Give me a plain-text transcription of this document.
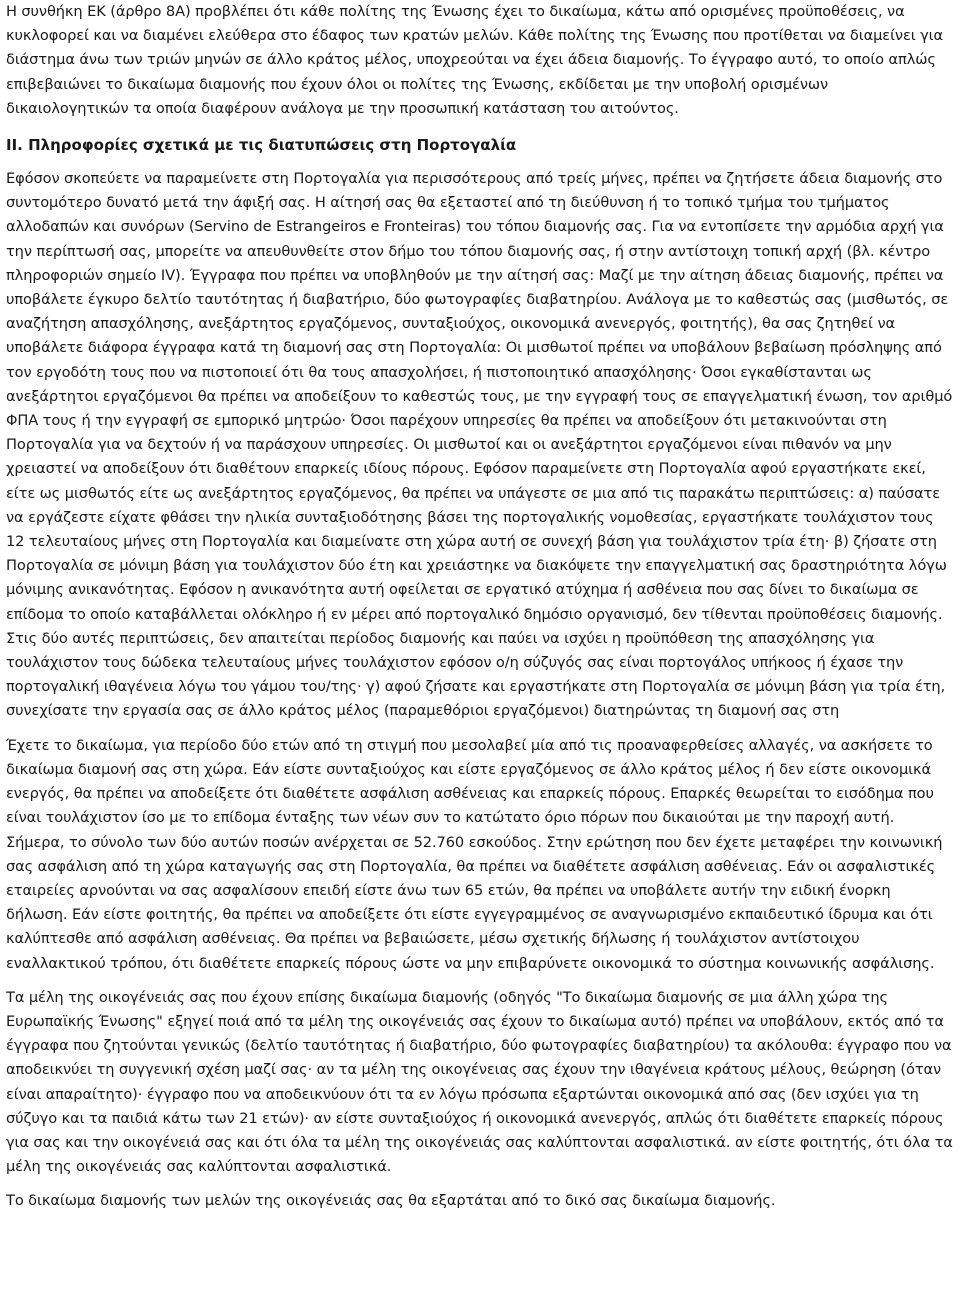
Η συνθήκη ΕΚ (άρθρο 8Α) προβλέπει ότι κάθε πολίτης της Ένωσης έχει το δικαίωμα, κάτω από ορισμένες προϋποθέσεις, να κυκλοφορεί και να διαμένει ελεύθερα στο έδαφος των κρατών μελών. Κάθε πολίτης της Ένωσης που προτίθεται να διαμείνει για διάστημα άνω των τριών μηνών σε άλλο κράτος μέλος, υποχρεούται να έχει άδεια διαμονής. Το έγγραφο αυτό, το οποίο απλώς επιβεβαιώνει το δικαίωμα διαμονής που έχουν όλοι οι πολίτες της Ένωσης, εκδίδεται με την υποβολή ορισμένων δικαιολογητικών τα οποία διαφέρουν ανάλογα με την προσωπική κατάσταση του αιτούντος.

II. Πληροφορίες σχετικά με τις διατυπώσεις στη Πορτογαλία

Εφόσον σκοπεύετε να παραμείνετε στη Πορτογαλία για περισσότερους από τρείς μήνες, πρέπει να ζητήσετε άδεια διαμονής στο συντομότερο δυνατό μετά την άφιξή σας. Η αίτησή σας θα εξεταστεί από τη διεύθυνση ή το τοπικό τμήμα του τμήματος αλλοδαπών και συνόρων (Servino de Estrangeiros e Fronteiras) του τόπου διαμονής σας. Για να εντοπίσετε την αρμόδια αρχή για την περίπτωσή σας, μπορείτε να απευθυνθείτε στον δήμο του τόπου διαμονής σας, ή στην αντίστοιχη τοπική αρχή (βλ. κέντρο πληροφοριών σημείο IV). Έγγραφα που πρέπει να υποβληθούν με την αίτησή σας: Μαζί με την αίτηση άδειας διαμονής, πρέπει να υποβάλετε έγκυρο δελτίο ταυτότητας ή διαβατήριο, δύο φωτογραφίες διαβατηρίου. Ανάλογα με το καθεστώς σας (μισθωτός, σε αναζήτηση απασχόλησης, ανεξάρτητος εργαζόμενος, συνταξιούχος, οικονομικά ανενεργός, φοιτητής), θα σας ζητηθεί να υποβάλετε διάφορα έγγραφα κατά τη διαμονή σας στη Πορτογαλία: Οι μισθωτοί πρέπει να υποβάλουν βεβαίωση πρόσληψης από τον εργοδότη τους που να πιστοποιεί ότι θα τους απασχολήσει, ή πιστοποιητικό απασχόλησης· Όσοι εγκαθίστανται ως ανεξάρτητοι εργαζόμενοι θα πρέπει να αποδείξουν το καθεστώς τους, με την εγγραφή τους σε επαγγελματική ένωση, τον αριθμό ΦΠΑ τους ή την εγγραφή σε εμπορικό μητρώο· Όσοι παρέχουν υπηρεσίες θα πρέπει να αποδείξουν ότι μετακινούνται στη Πορτογαλία για να δεχτούν ή να παράσχουν υπηρεσίες. Οι μισθωτοί και οι ανεξάρτητοι εργαζόμενοι είναι πιθανόν να μην χρειαστεί να αποδείξουν ότι διαθέτουν επαρκείς ιδίους πόρους. Εφόσον παραμείνετε στη Πορτογαλία αφού εργαστήκατε εκεί, είτε ως μισθωτός είτε ως ανεξάρτητος εργαζόμενος, θα πρέπει να υπάγεστε σε μια από τις παρακάτω περιπτώσεις: α) παύσατε να εργάζεστε είχατε φθάσει την ηλικία συνταξιοδότησης βάσει της πορτογαλικής νομοθεσίας, εργαστήκατε τουλάχιστον τους 12 τελευταίους μήνες στη Πορτογαλία και διαμείνατε στη χώρα αυτή σε συνεχή βάση για τουλάχιστον τρία έτη· β) ζήσατε στη Πορτογαλία σε μόνιμη βάση για τουλάχιστον δύο έτη και χρειάστηκε να διακόψετε την επαγγελματική σας δραστηριότητα λόγω μόνιμης ανικανότητας. Εφόσον η ανικανότητα αυτή οφείλεται σε εργατικό ατύχημα ή ασθένεια που σας δίνει το δικαίωμα σε επίδομα το οποίο καταβάλλεται ολόκληρο ή εν μέρει από πορτογαλικό δημόσιο οργανισμό, δεν τίθενται προϋποθέσεις διαμονής. Στις δύο αυτές περιπτώσεις, δεν απαιτείται περίοδος διαμονής και παύει να ισχύει η προϋπόθεση της απασχόλησης για τουλάχιστον τους δώδεκα τελευταίους μήνες τουλάχιστον εφόσον ο/η σύζυγός σας είναι πορτογάλος υπήκοος ή έχασε την πορτογαλική ιθαγένεια λόγω του γάμου του/της· γ) αφού ζήσατε και εργαστήκατε στη Πορτογαλία σε μόνιμη βάση για τρία έτη, συνεχίσατε την εργασία σας σε άλλο κράτος μέλος (παραμεθόριοι εργαζόμενοι) διατηρώντας τη διαμονή σας στη

Έχετε το δικαίωμα, για περίοδο δύο ετών από τη στιγμή που μεσολαβεί μία από τις προαναφερθείσες αλλαγές, να ασκήσετε το δικαίωμα διαμονή σας στη χώρα. Εάν είστε συνταξιούχος και είστε εργαζόμενος σε άλλο κράτος μέλος ή δεν είστε οικονομικά ενεργός, θα πρέπει να αποδείξετε ότι διαθέτετε ασφάλιση ασθένειας και επαρκείς πόρους. Επαρκές θεωρείται το εισόδημα που είναι τουλάχιστον ίσο με το επίδομα ένταξης των νέων συν το κατώτατο όριο πόρων που δικαιούται με την παροχή αυτή. Σήμερα, το σύνολο των δύο αυτών ποσών ανέρχεται σε 52.760 εσκούδος. Στην ερώτηση που δεν έχετε μεταφέρει την κοινωνική σας ασφάλιση από τη χώρα καταγωγής σας στη Πορτογαλία, θα πρέπει να διαθέτετε ασφάλιση ασθένειας. Εάν οι ασφαλιστικές εταιρείες αρνούνται να σας ασφαλίσουν επειδή είστε άνω των 65 ετών, θα πρέπει να υποβάλετε αυτήν την ειδική ένορκη δήλωση. Εάν είστε φοιτητής, θα πρέπει να αποδείξετε ότι είστε εγγεγραμμένος σε αναγνωρισμένο εκπαιδευτικό ίδρυμα και ότι καλύπτεσθε από ασφάλιση ασθένειας. Θα πρέπει να βεβαιώσετε, μέσω σχετικής δήλωσης ή τουλάχιστον αντίστοιχου εναλλακτικού τρόπου, ότι διαθέτετε επαρκείς πόρους ώστε να μην επιβαρύνετε οικονομικά το σύστημα κοινωνικής ασφάλισης.

Τα μέλη της οικογένειάς σας που έχουν επίσης δικαίωμα διαμονής (οδηγός "Το δικαίωμα διαμονής σε μια άλλη χώρα της Ευρωπαϊκής Ένωσης" εξηγεί ποιά από τα μέλη της οικογένειάς σας έχουν το δικαίωμα αυτό) πρέπει να υποβάλουν, εκτός από τα έγγραφα που ζητούνται γενικώς (δελτίο ταυτότητας ή διαβατήριο, δύο φωτογραφίες διαβατηρίου) τα ακόλουθα: έγγραφο που να αποδεικνύει τη συγγενική σχέση μαζί σας· αν τα μέλη της οικογένειας σας έχουν την ιθαγένεια κράτους μέλους, θεώρηση (όταν είναι απαραίτητο)· έγγραφο που να αποδεικνύουν ότι τα εν λόγω πρόσωπα εξαρτώνται οικονομικά από σας (δεν ισχύει για τη σύζυγο και τα παιδιά κάτω των 21 ετών)· αν είστε συνταξιούχος ή οικονομικά ανενεργός, απλώς ότι διαθέτετε επαρκείς πόρους για σας και την οικογένειά σας και ότι όλα τα μέλη της οικογένειάς σας καλύπτονται ασφαλιστικά. αν είστε φοιτητής, ότι όλα τα μέλη της οικογένειάς σας καλύπτονται ασφαλιστικά.

Το δικαίωμα διαμονής των μελών της οικογένειάς σας θα εξαρτάται από το δικό σας δικαίωμα διαμονής.
